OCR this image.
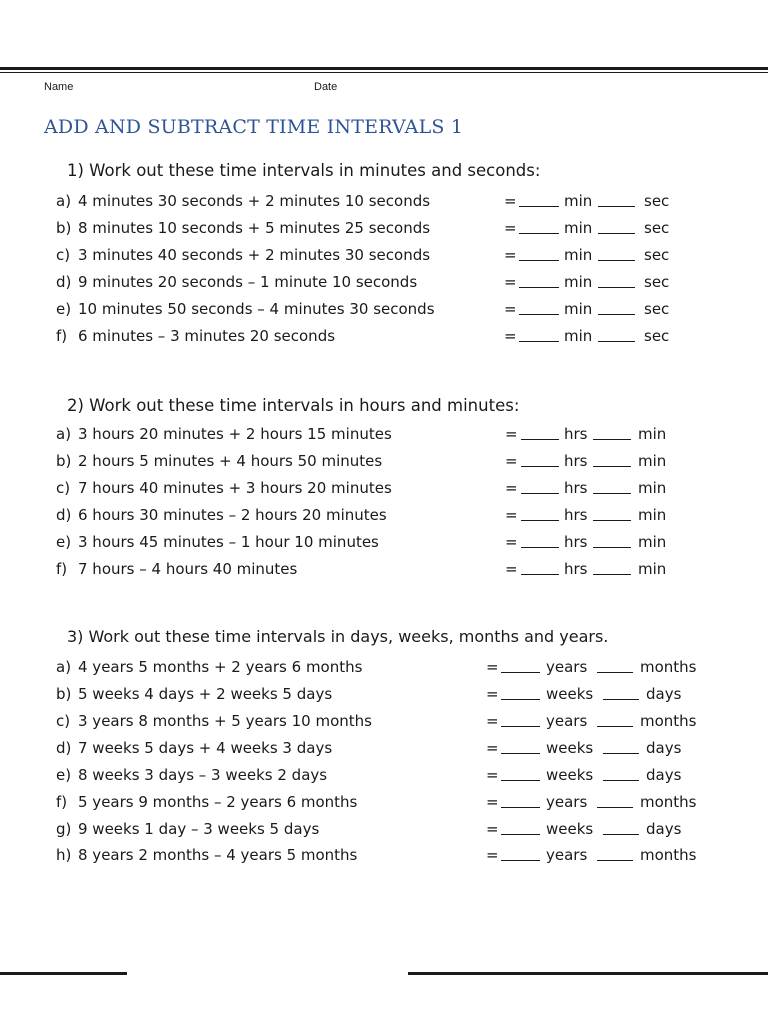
Name	Date
ADD AND SUBTRACT TIME INTERVALS 1
1) Work out these time intervals in minutes and seconds:
a) 4 minutes 30 seconds + 2 minutes 10 seconds	=	min	sec
b) 8 minutes 10 seconds + 5 minutes 25 seconds	=	min	sec
c) 3 minutes 40 seconds + 2 minutes 30 seconds	=	min	sec
d) 9 minutes 20 seconds – 1 minute 10 seconds	=	min	sec
e) 10 minutes 50 seconds – 4 minutes 30 seconds	=	min	sec
f) 6 minutes – 3 minutes 20 seconds	=	min	sec
2) Work out these time intervals in hours and minutes:
a) 3 hours 20 minutes + 2 hours 15 minutes	=	hrs	min
b) 2 hours 5 minutes + 4 hours 50 minutes	=	hrs	min
c) 7 hours 40 minutes + 3 hours 20 minutes	=	hrs	min
d) 6 hours 30 minutes – 2 hours 20 minutes	=	hrs	min
e) 3 hours 45 minutes – 1 hour 10 minutes	=	hrs	min
f) 7 hours – 4 hours 40 minutes	=	hrs	min
3) Work out these time intervals in days, weeks, months and years.
a) 4 years 5 months + 2 years 6 months	=	years	months
b) 5 weeks 4 days + 2 weeks 5 days	=	weeks	days
c) 3 years 8 months + 5 years 10 months	=	years	months
d) 7 weeks 5 days + 4 weeks 3 days	=	weeks	days
e) 8 weeks 3 days – 3 weeks 2 days	=	weeks	days
f) 5 years 9 months – 2 years 6 months	=	years	months
g) 9 weeks 1 day – 3 weeks 5 days	=	weeks	days
h) 8 years 2 months – 4 years 5 months	=	years	months
